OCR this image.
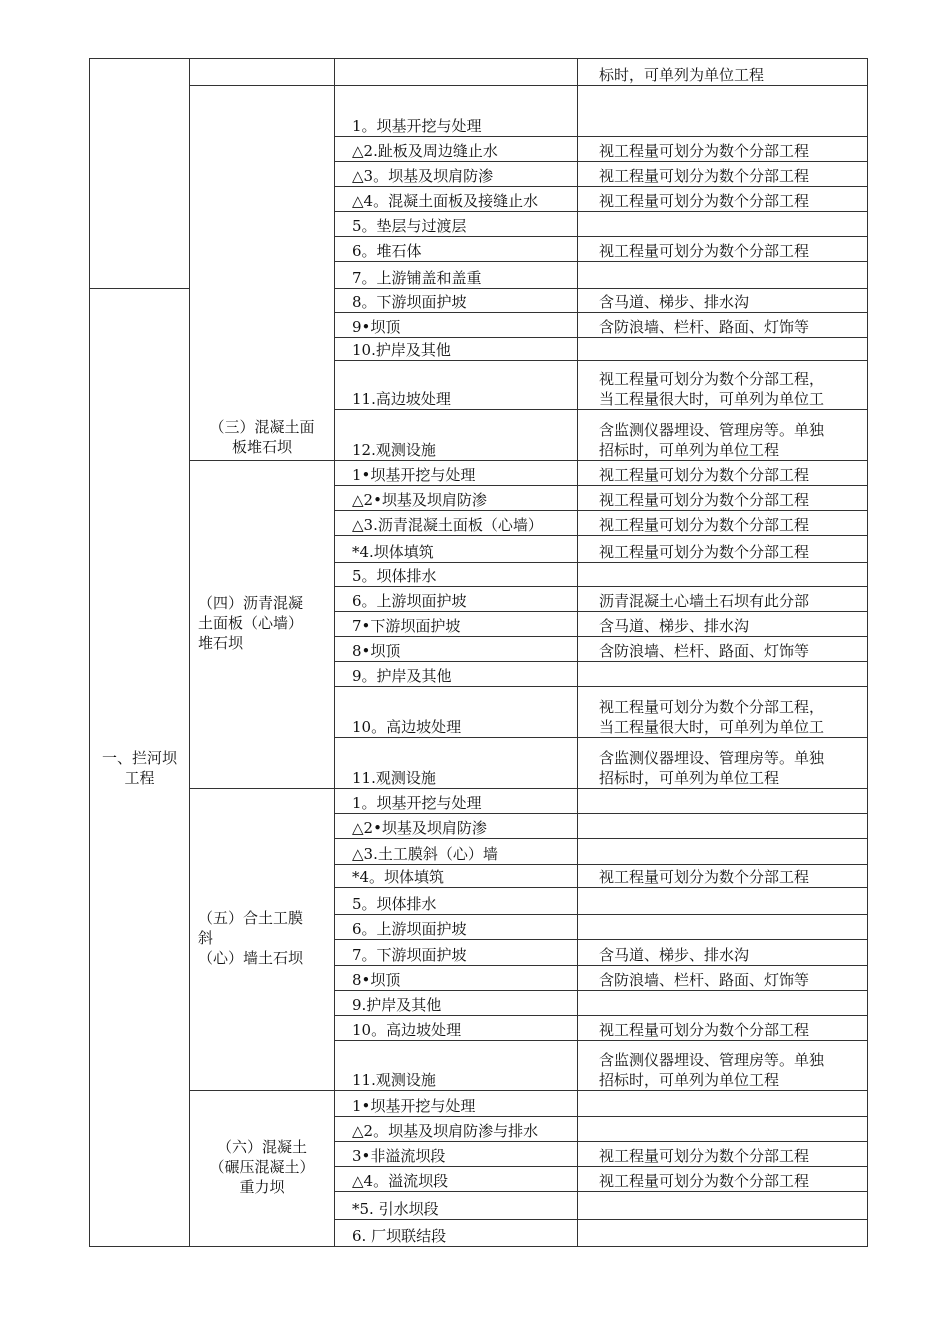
			标时，可单列为单位工程

	（三）混凝土面
板堆石坝	1。坝基开挖与处理	
		△2.趾板及周边缝止水	视工程量可划分为数个分部工程

		△3。坝基及坝肩防渗	视工程量可划分为数个分部工程

		△4。混凝土面板及接缝止水	视工程量可划分为数个分部工程

		5。垫层与过渡层	
		6。堆石体	视工程量可划分为数个分部工程

		7。上游铺盖和盖重	

一、拦河坝
工程		8。下游坝面护坡	含马道、梯步、排水沟

		9•坝顶	含防浪墙、栏杆、路面、灯饰等

		10.护岸及其他	
		11.高边坡处理	视工程量可划分为数个分部工程，
当工程量很大时，可单列为单位工

		12.观测设施	含监测仪器埋设、管理房等。单独
招标时，可单列为单位工程

	（四）沥青混凝
土面板（心墙）
堆石坝	1•坝基开挖与处理	视工程量可划分为数个分部工程

		△2•坝基及坝肩防渗	视工程量可划分为数个分部工程

		△3.沥青混凝土面板（心墙）	视工程量可划分为数个分部工程

		*4.坝体填筑	视工程量可划分为数个分部工程

		5。坝体排水	
		6。上游坝面护坡	沥青混凝土心墙土石坝有此分部

		7•下游坝面护坡	含马道、梯步、排水沟

		8•坝顶	含防浪墙、栏杆、路面、灯饰等

		9。护岸及其他	
		10。高边坡处理	视工程量可划分为数个分部工程，
当工程量很大时，可单列为单位工

		11.观测设施	含监测仪器埋设、管理房等。单独
招标时，可单列为单位工程

	（五）合土工膜
斜
（心）墙土石坝	1。坝基开挖与处理	
		△2•坝基及坝肩防渗	
		△3.土工膜斜（心）墙	
		*4。坝体填筑	视工程量可划分为数个分部工程

		5。坝体排水	
		6。上游坝面护坡	
		7。下游坝面护坡	含马道、梯步、排水沟

		8•坝顶	含防浪墙、栏杆、路面、灯饰等

		9.护岸及其他	
		10。高边坡处理	视工程量可划分为数个分部工程

		11.观测设施	含监测仪器埋设、管理房等。单独
招标时，可单列为单位工程

	（六）混凝土
（碾压混凝土）
重力坝	1•坝基开挖与处理	
		△2。坝基及坝肩防渗与排水	
		3•非溢流坝段	视工程量可划分为数个分部工程

		△4。溢流坝段	视工程量可划分为数个分部工程

		*5. 引水坝段	
		6. 厂坝联结段	
